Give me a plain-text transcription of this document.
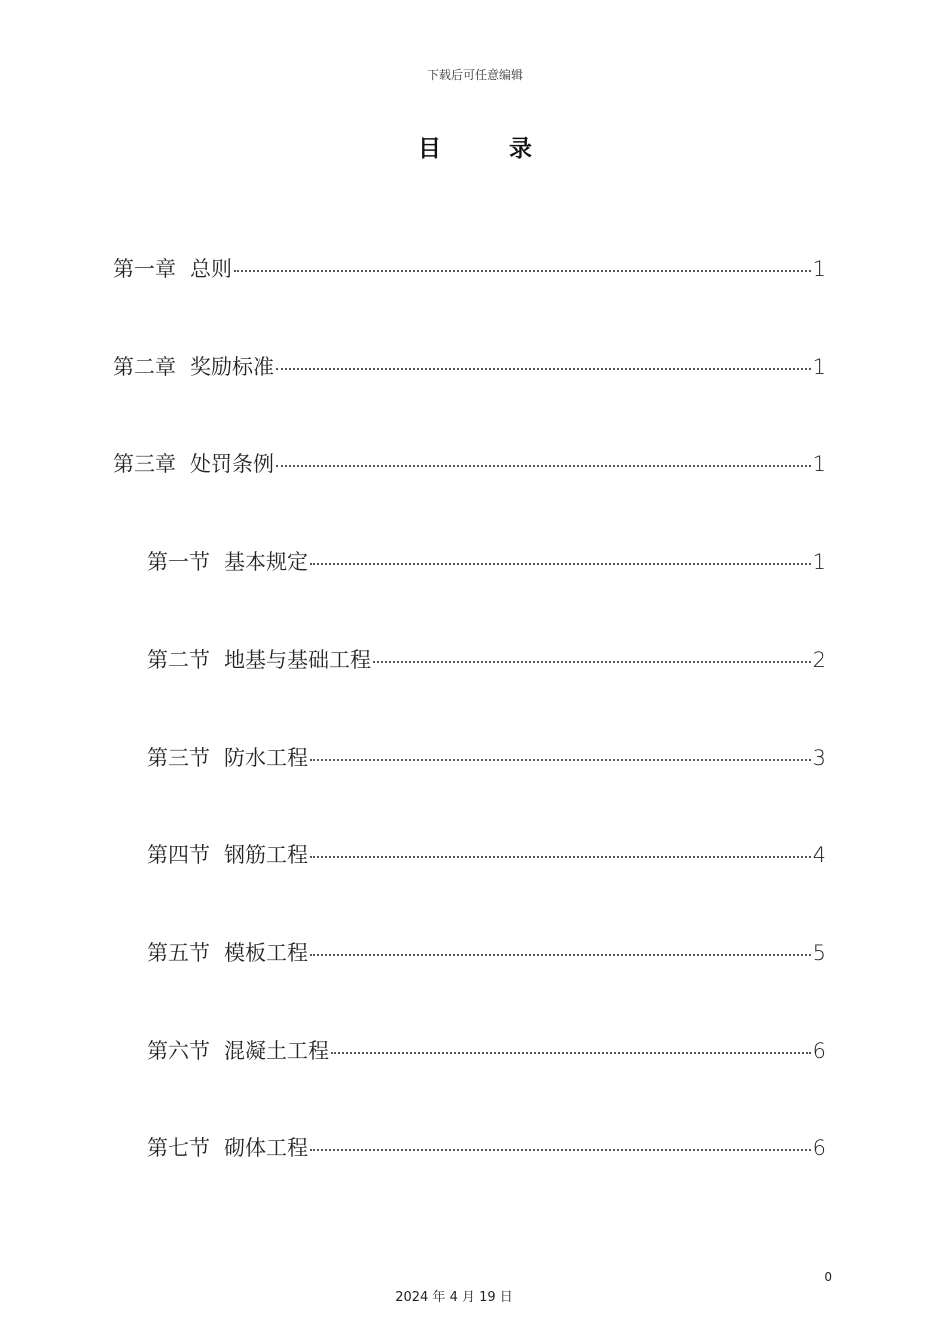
下载后可任意编辑
目 录
第一章 总则	1
第二章 奖励标准	1
第三章 处罚条例	1
第一节 基本规定	1
第二节 地基与基础工程	2
第三节 防水工程	3
第四节 钢筋工程	4
第五节 模板工程	5
第六节 混凝土工程	6
第七节 砌体工程	6
0
2024 年 4 月 19 日
